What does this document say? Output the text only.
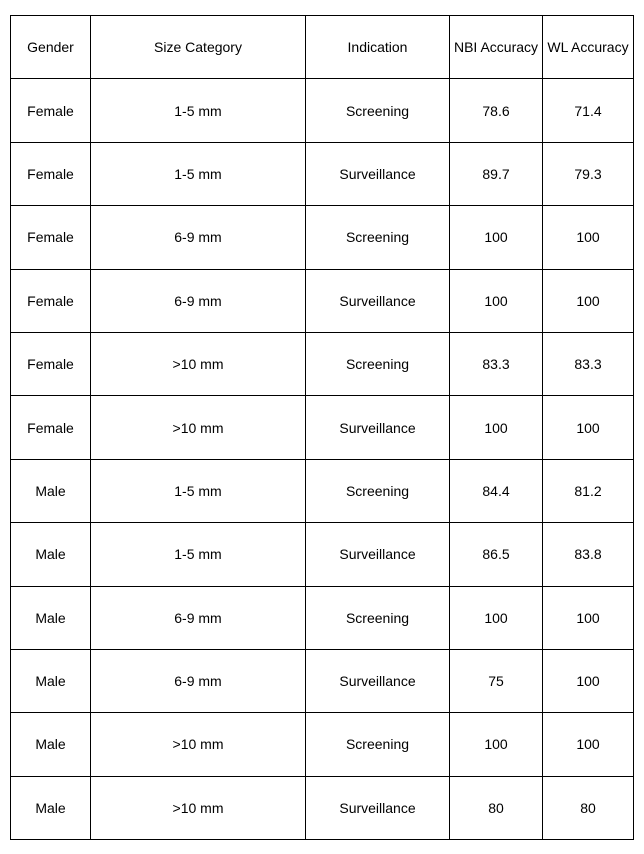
Gender	Size Category	Indication	NBI Accuracy	WL Accuracy
Female	1-5 mm	Screening	78.6	71.4
Female	1-5 mm	Surveillance	89.7	79.3
Female	6-9 mm	Screening	100	100
Female	6-9 mm	Surveillance	100	100
Female	>10 mm	Screening	83.3	83.3
Female	>10 mm	Surveillance	100	100
Male	1-5 mm	Screening	84.4	81.2
Male	1-5 mm	Surveillance	86.5	83.8
Male	6-9 mm	Screening	100	100
Male	6-9 mm	Surveillance	75	100
Male	>10 mm	Screening	100	100
Male	>10 mm	Surveillance	80	80
